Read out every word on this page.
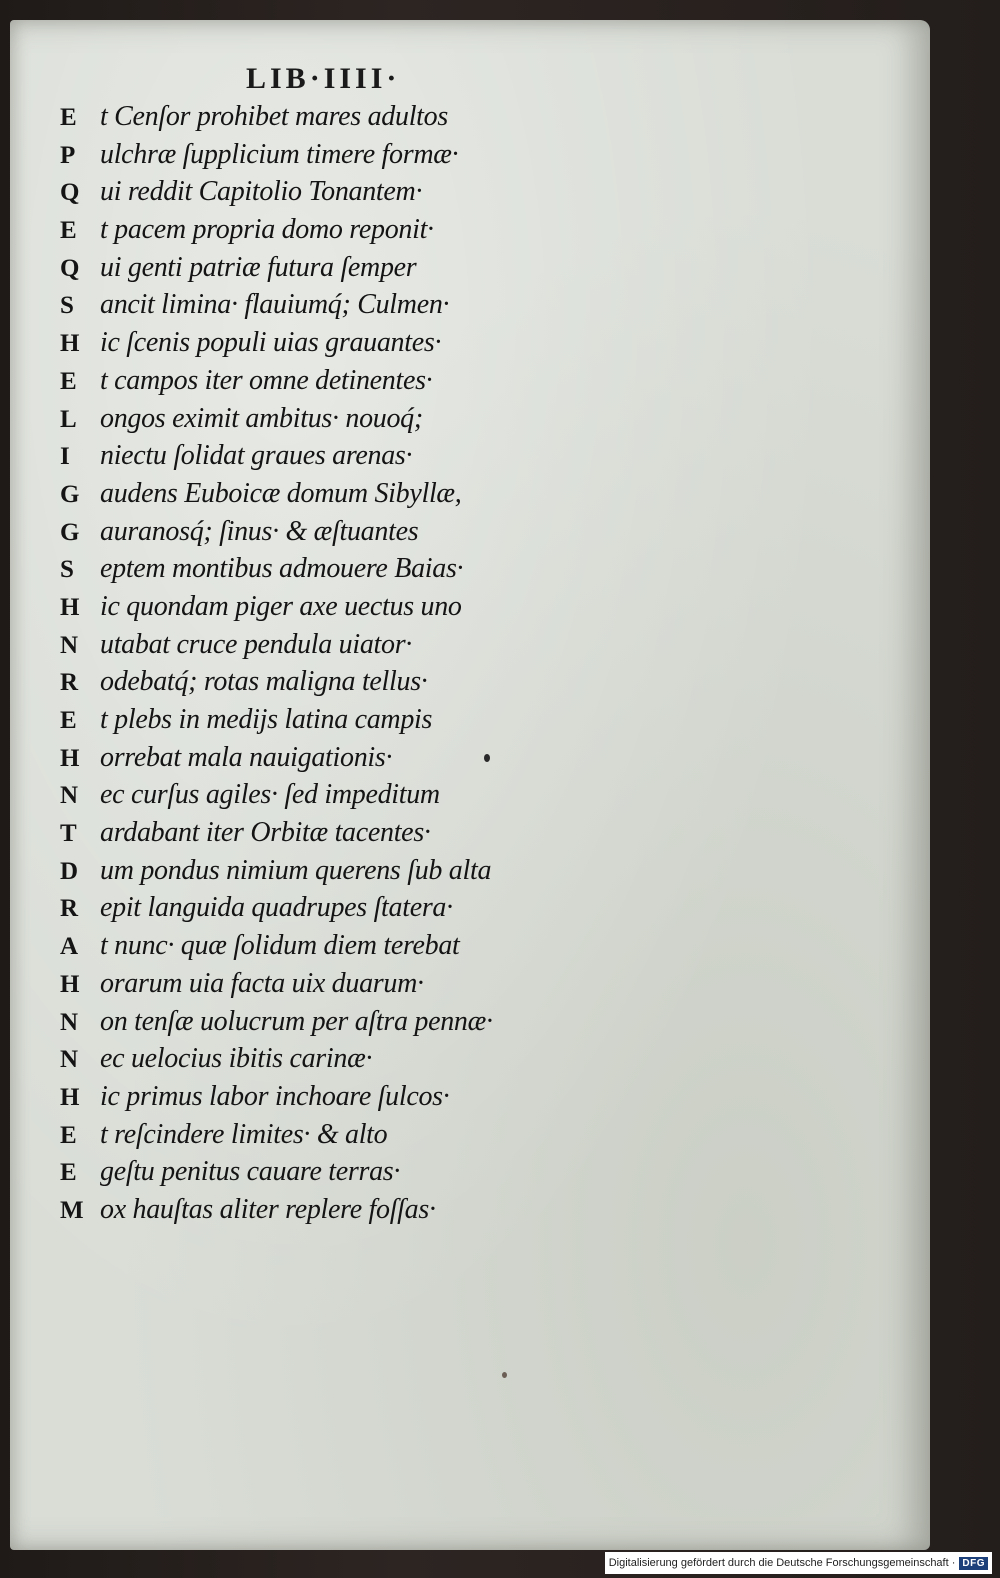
LIB·IIII·
E t Cenſor prohibet mares adultos
P ulchræ ſupplicium timere formæ·
Q ui reddit Capitolio Tonantem·
E t pacem propria domo reponit·
Q ui genti patriæ futura ſemper
S ancit limina· flauiumq́; Culmen·
H ic ſcenis populi uias grauantes·
E t campos iter omne detinentes·
L ongos eximit ambitus· nouoq́;
I niectu ſolidat graues arenas·
G audens Euboicæ domum Sibyllæ,
G auranosq́; ſinus· & æſtuantes
S eptem montibus admouere Baias·
H ic quondam piger axe uectus uno
N utabat cruce pendula uiator·
R odebatq́; rotas maligna tellus·
E t plebs in medijs latina campis
H orrebat mala nauigationis·
N ec curſus agiles· ſed impeditum
T ardabant iter Orbitæ tacentes·
D um pondus nimium querens ſub alta
R epit languida quadrupes ſtatera·
A t nunc· quæ ſolidum diem terebat
H orarum uia facta uix duarum·
N on tenſæ uolucrum per aſtra pennæ·
N ec uelocius ibitis carinæ·
H ic primus labor inchoare ſulcos·
E t reſcindere limites· & alto
E geſtu penitus cauare terras·
M ox hauſtas aliter replere foſſas·
Digitalisierung gefördert durch die Deutsche Forschungsgemeinschaft · DFG
